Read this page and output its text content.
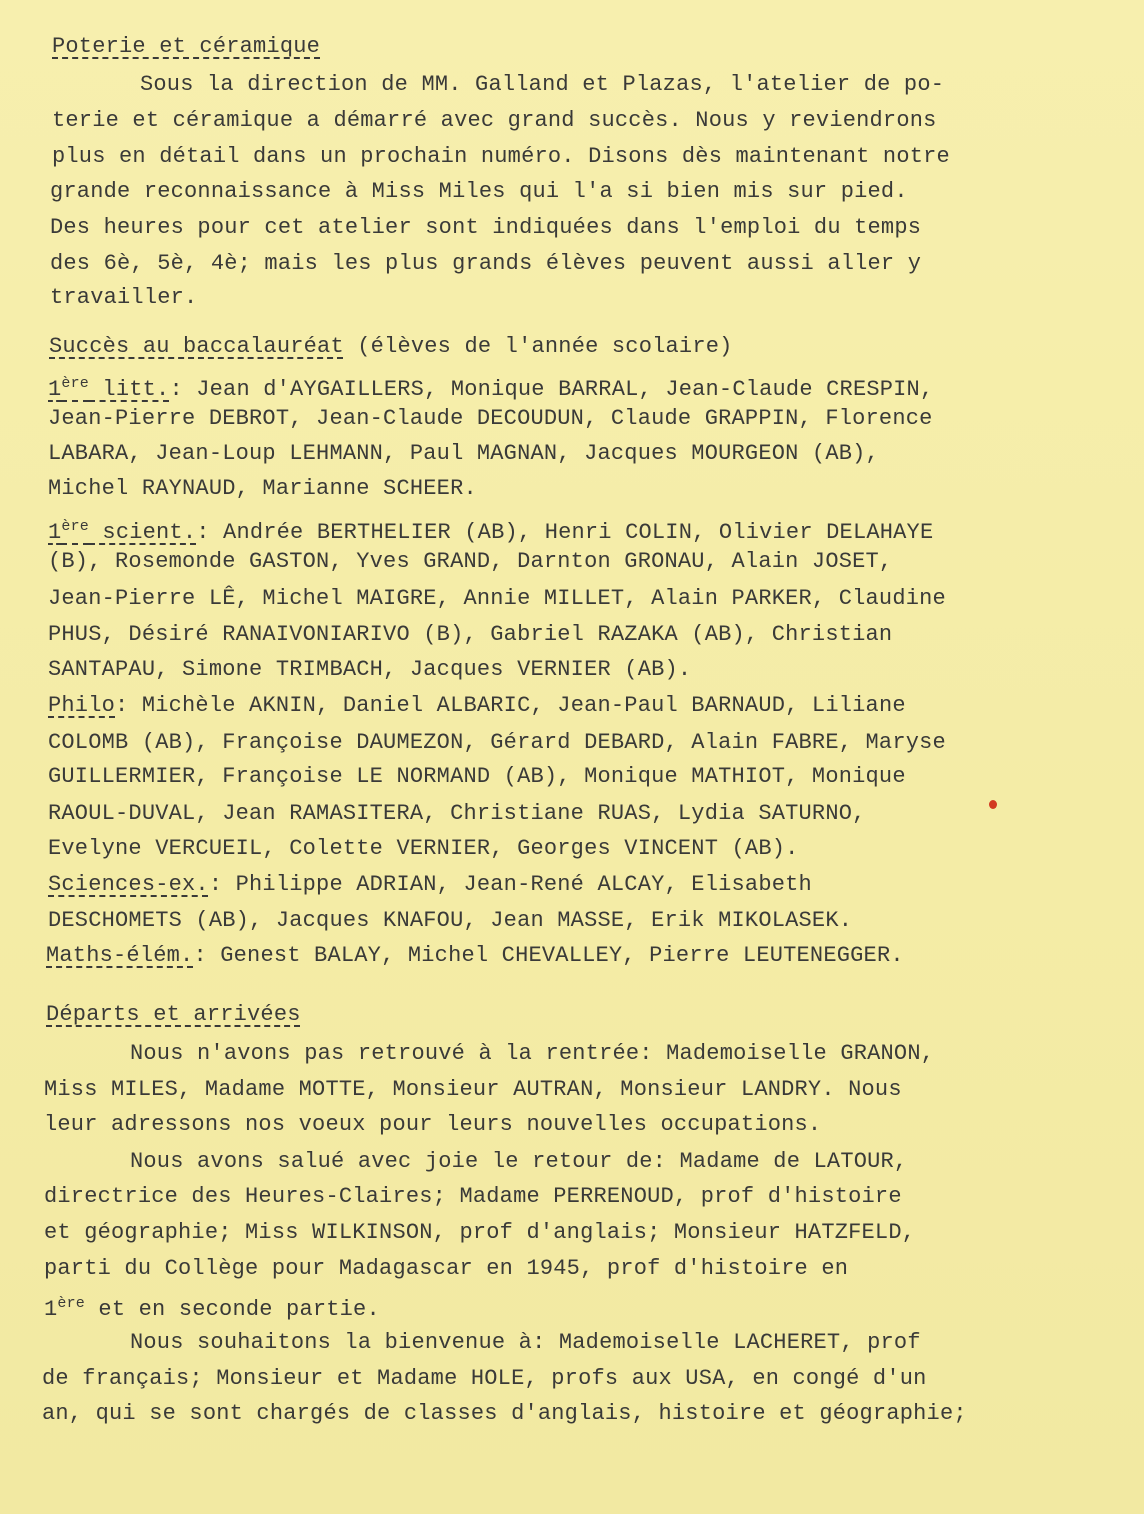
Poterie et céramique
Sous la direction de MM. Galland et Plazas, l'atelier de po-
terie et céramique a démarré avec grand succès. Nous y reviendrons
plus en détail dans un prochain numéro. Disons dès maintenant notre
grande reconnaissance à Miss Miles qui l'a si bien mis sur pied.
Des heures pour cet atelier sont indiquées dans l'emploi du temps
des 6è, 5è, 4è; mais les plus grands élèves peuvent aussi aller y
travailler.
Succès au baccalauréat (élèves de l'année scolaire)
1ère litt.: Jean d'AYGAILLERS, Monique BARRAL, Jean-Claude CRESPIN,
Jean-Pierre DEBROT, Jean-Claude DECOUDUN, Claude GRAPPIN, Florence
LABARA, Jean-Loup LEHMANN, Paul MAGNAN, Jacques MOURGEON (AB),
Michel RAYNAUD, Marianne SCHEER.
1ère scient.: Andrée BERTHELIER (AB), Henri COLIN, Olivier DELAHAYE
(B), Rosemonde GASTON, Yves GRAND, Darnton GRONAU, Alain JOSET,
Jean-Pierre LÊ, Michel MAIGRE, Annie MILLET, Alain PARKER, Claudine
PHUS, Désiré RANAIVONIARIVO (B), Gabriel RAZAKA (AB), Christian
SANTAPAU, Simone TRIMBACH, Jacques VERNIER (AB).
Philo: Michèle AKNIN, Daniel ALBARIC, Jean-Paul BARNAUD, Liliane
COLOMB (AB), Françoise DAUMEZON, Gérard DEBARD, Alain FABRE, Maryse
GUILLERMIER, Françoise LE NORMAND (AB), Monique MATHIOT, Monique
RAOUL-DUVAL, Jean RAMASITERA, Christiane RUAS, Lydia SATURNO,
Evelyne VERCUEIL, Colette VERNIER, Georges VINCENT (AB).
Sciences-ex.: Philippe ADRIAN, Jean-René ALCAY, Elisabeth
DESCHOMETS (AB), Jacques KNAFOU, Jean MASSE, Erik MIKOLASEK.
Maths-élém.: Genest BALAY, Michel CHEVALLEY, Pierre LEUTENEGGER.
Départs et arrivées
Nous n'avons pas retrouvé à la rentrée: Mademoiselle GRANON,
Miss MILES, Madame MOTTE, Monsieur AUTRAN, Monsieur LANDRY. Nous
leur adressons nos voeux pour leurs nouvelles occupations.
Nous avons salué avec joie le retour de: Madame de LATOUR,
directrice des Heures-Claires; Madame PERRENOUD, prof d'histoire
et géographie; Miss WILKINSON, prof d'anglais; Monsieur HATZFELD,
parti du Collège pour Madagascar en 1945, prof d'histoire en
1ère et en seconde partie.
Nous souhaitons la bienvenue à: Mademoiselle LACHERET, prof
de français; Monsieur et Madame HOLE, profs aux USA, en congé d'un
an, qui se sont chargés de classes d'anglais, histoire et géographie;
